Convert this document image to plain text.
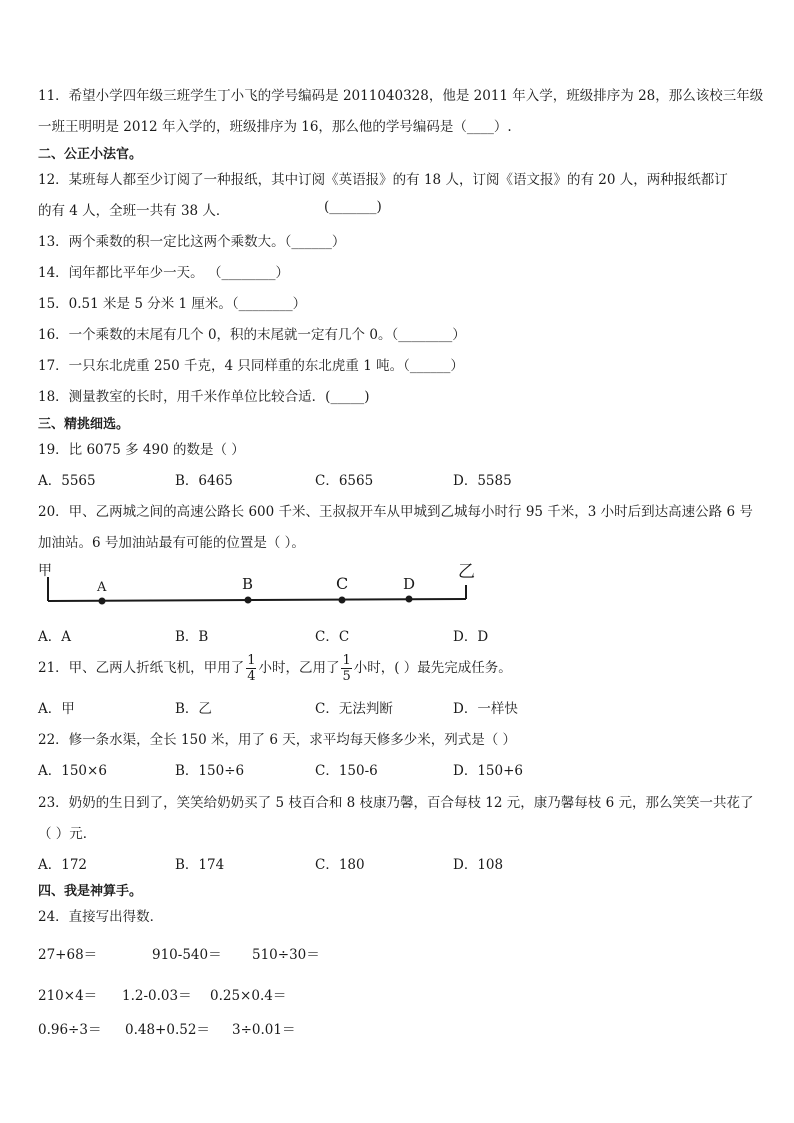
11．希望小学四年级三班学生丁小飞的学号编码是 2011040328，他是 2011 年入学，班级排序为 28，那么该校三年级
一班王明明是 2012 年入学的，班级排序为 16，那么他的学号编码是（____）.
二、公正小法官。
12．某班每人都至少订阅了一种报纸，其中订阅《英语报》的有 18 人，订阅《语文报》的有 20 人，两种报纸都订
的有 4 人，全班一共有 38 人．	(_______)
13．两个乘数的积一定比这两个乘数大。（______）
14．闰年都比平年少一天。 （________）
15．0.51 米是 5 分米 1 厘米。（________）
16．一个乘数的末尾有几个 0，积的末尾就一定有几个 0。（________）
17．一只东北虎重 250 千克，4 只同样重的东北虎重 1 吨。（______）
18．测量教室的长时，用千米作单位比较合适．(_____)
三、精挑细选。
19．比 6075 多 490 的数是（ ）
A．5565	B．6465	C．6565	D．5585
20．甲、乙两城之间的高速公路长 600 千米、王叔叔开车从甲城到乙城每小时行 95 千米，3 小时后到达高速公路 6 号
加油站。6 号加油站最有可能的位置是（ ）。
甲	乙
A	B	C	D
A．A	B．B	C．C	D．D
21．甲、乙两人折纸飞机，甲用了 $\frac{1}{4}$ 小时，乙用了 $\frac{1}{5}$ 小时，( ）最先完成任务。
A．甲	B．乙	C．无法判断	D．一样快
22．修一条水渠，全长 150 米，用了 6 天，求平均每天修多少米，列式是（ ）
A．150×6	B．150÷6	C．150-6	D．150+6
23．奶奶的生日到了，笑笑给奶奶买了 5 枝百合和 8 枝康乃馨，百合每枝 12 元，康乃馨每枝 6 元，那么笑笑一共花了
（ ）元．
A．172	B．174	C．180	D．108
四、我是神算手。
24．直接写出得数．
27+68＝	910-540＝ 510÷30＝
210×4＝ 1.2-0.03＝ 0.25×0.4＝
0.96÷3＝ 0.48+0.52＝ 3÷0.01＝
